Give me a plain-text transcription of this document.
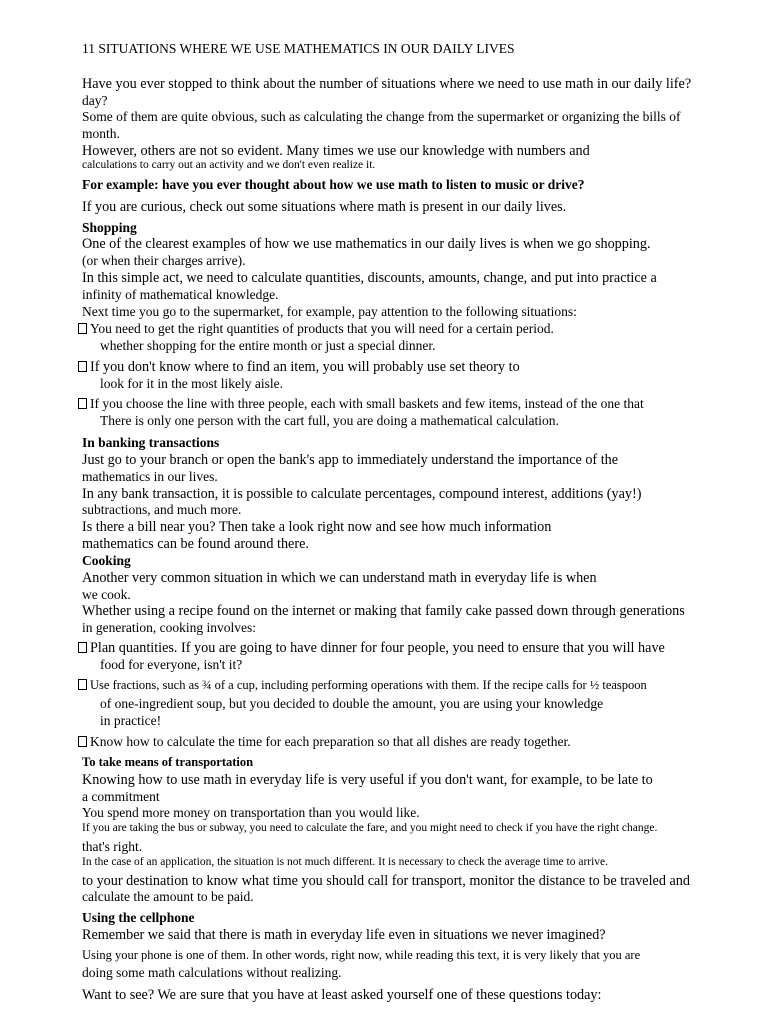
11 SITUATIONS WHERE WE USE MATHEMATICS IN OUR DAILY LIVES
Have you ever stopped to think about the number of situations where we need to use math in our daily life?
day?
Some of them are quite obvious, such as calculating the change from the supermarket or organizing the bills of
month.
However, others are not so evident. Many times we use our knowledge with numbers and
calculations to carry out an activity and we don't even realize it.
For example: have you ever thought about how we use math to listen to music or drive?
If you are curious, check out some situations where math is present in our daily lives.
Shopping
One of the clearest examples of how we use mathematics in our daily lives is when we go shopping.
(or when their charges arrive).
In this simple act, we need to calculate quantities, discounts, amounts, change, and put into practice a
infinity of mathematical knowledge.
Next time you go to the supermarket, for example, pay attention to the following situations:
You need to get the right quantities of products that you will need for a certain period.
whether shopping for the entire month or just a special dinner.
If you don't know where to find an item, you will probably use set theory to
look for it in the most likely aisle.
If you choose the line with three people, each with small baskets and few items, instead of the one that
There is only one person with the cart full, you are doing a mathematical calculation.
In banking transactions
Just go to your branch or open the bank's app to immediately understand the importance of the
mathematics in our lives.
In any bank transaction, it is possible to calculate percentages, compound interest, additions (yay!)
subtractions, and much more.
Is there a bill near you? Then take a look right now and see how much information
mathematics can be found around there.
Cooking
Another very common situation in which we can understand math in everyday life is when
we cook.
Whether using a recipe found on the internet or making that family cake passed down through generations
in generation, cooking involves:
Plan quantities. If you are going to have dinner for four people, you need to ensure that you will have
food for everyone, isn't it?
Use fractions, such as ¾ of a cup, including performing operations with them. If the recipe calls for ½ teaspoon
of one-ingredient soup, but you decided to double the amount, you are using your knowledge
in practice!
Know how to calculate the time for each preparation so that all dishes are ready together.
To take means of transportation
Knowing how to use math in everyday life is very useful if you don't want, for example, to be late to
a commitment
You spend more money on transportation than you would like.
If you are taking the bus or subway, you need to calculate the fare, and you might need to check if you have the right change.
that's right.
In the case of an application, the situation is not much different. It is necessary to check the average time to arrive.
to your destination to know what time you should call for transport, monitor the distance to be traveled and
calculate the amount to be paid.
Using the cellphone
Remember we said that there is math in everyday life even in situations we never imagined?
Using your phone is one of them. In other words, right now, while reading this text, it is very likely that you are
doing some math calculations without realizing.
Want to see? We are sure that you have at least asked yourself one of these questions today:
